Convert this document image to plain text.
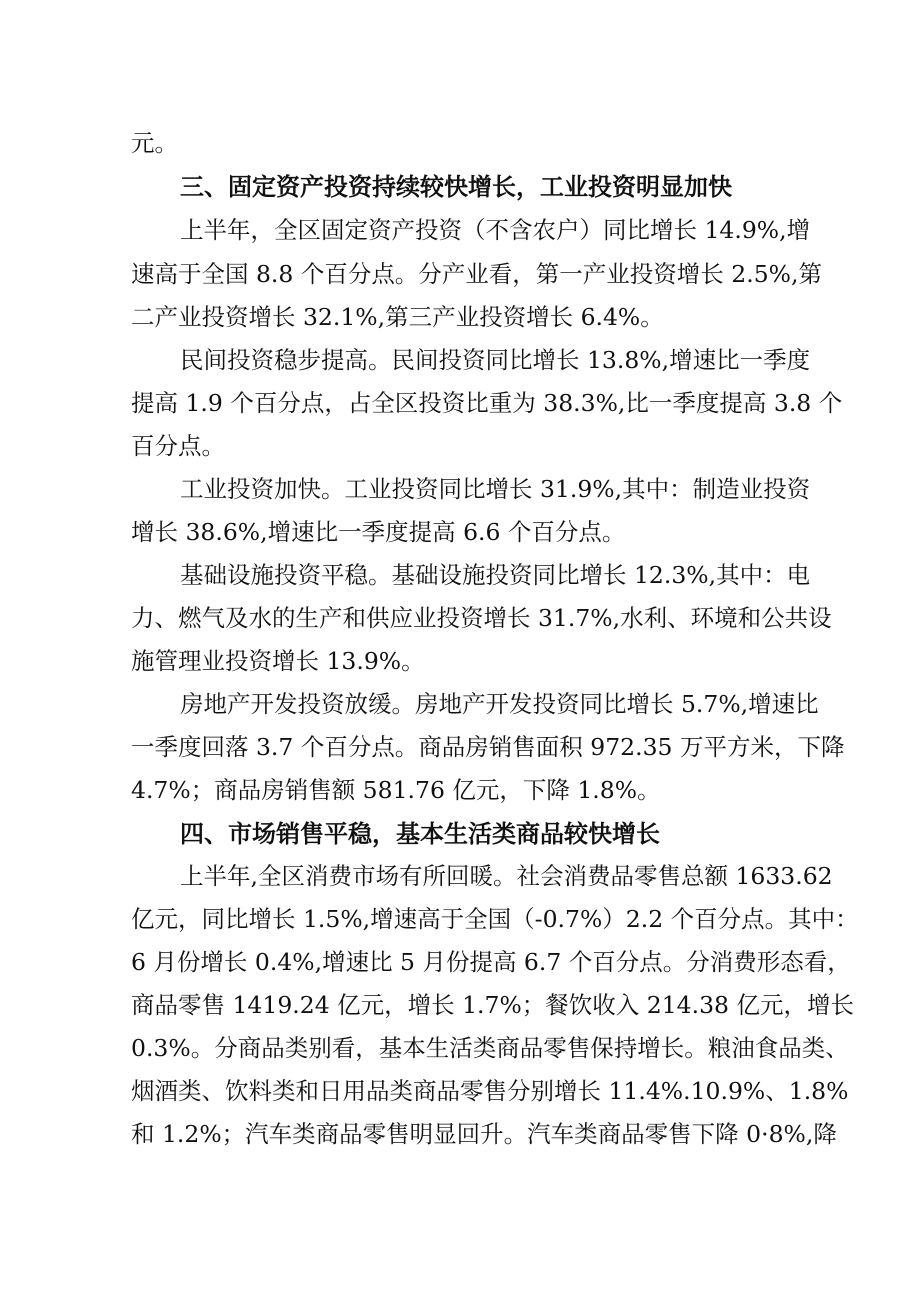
元。
三、固定资产投资持续较快增长，工业投资明显加快
上半年，全区固定资产投资（不含农户）同比增长 14.9%,增
速高于全国 8.8 个百分点。分产业看，第一产业投资增长 2.5%,第
二产业投资增长 32.1%,第三产业投资增长 6.4%。
民间投资稳步提高。民间投资同比增长 13.8%,增速比一季度
提高 1.9 个百分点，占全区投资比重为 38.3%,比一季度提高 3.8 个
百分点。
工业投资加快。工业投资同比增长 31.9%,其中：制造业投资
增长 38.6%,增速比一季度提高 6.6 个百分点。
基础设施投资平稳。基础设施投资同比增长 12.3%,其中：电
力、燃气及水的生产和供应业投资增长 31.7%,水利、环境和公共设
施管理业投资增长 13.9%。
房地产开发投资放缓。房地产开发投资同比增长 5.7%,增速比
一季度回落 3.7 个百分点。商品房销售面积 972.35 万平方米，下降
4.7%；商品房销售额 581.76 亿元，下降 1.8%。
四、市场销售平稳，基本生活类商品较快增长
上半年,全区消费市场有所回暖。社会消费品零售总额 1633.62
亿元，同比增长 1.5%,增速高于全国（-0.7%）2.2 个百分点。其中：
6 月份增长 0.4%,增速比 5 月份提高 6.7 个百分点。分消费形态看，
商品零售 1419.24 亿元，增长 1.7%；餐饮收入 214.38 亿元，增长
0.3%。分商品类别看，基本生活类商品零售保持增长。粮油食品类、
烟酒类、饮料类和日用品类商品零售分别增长 11.4%.10.9%、1.8%
和 1.2%；汽车类商品零售明显回升。汽车类商品零售下降 0·8%,降
